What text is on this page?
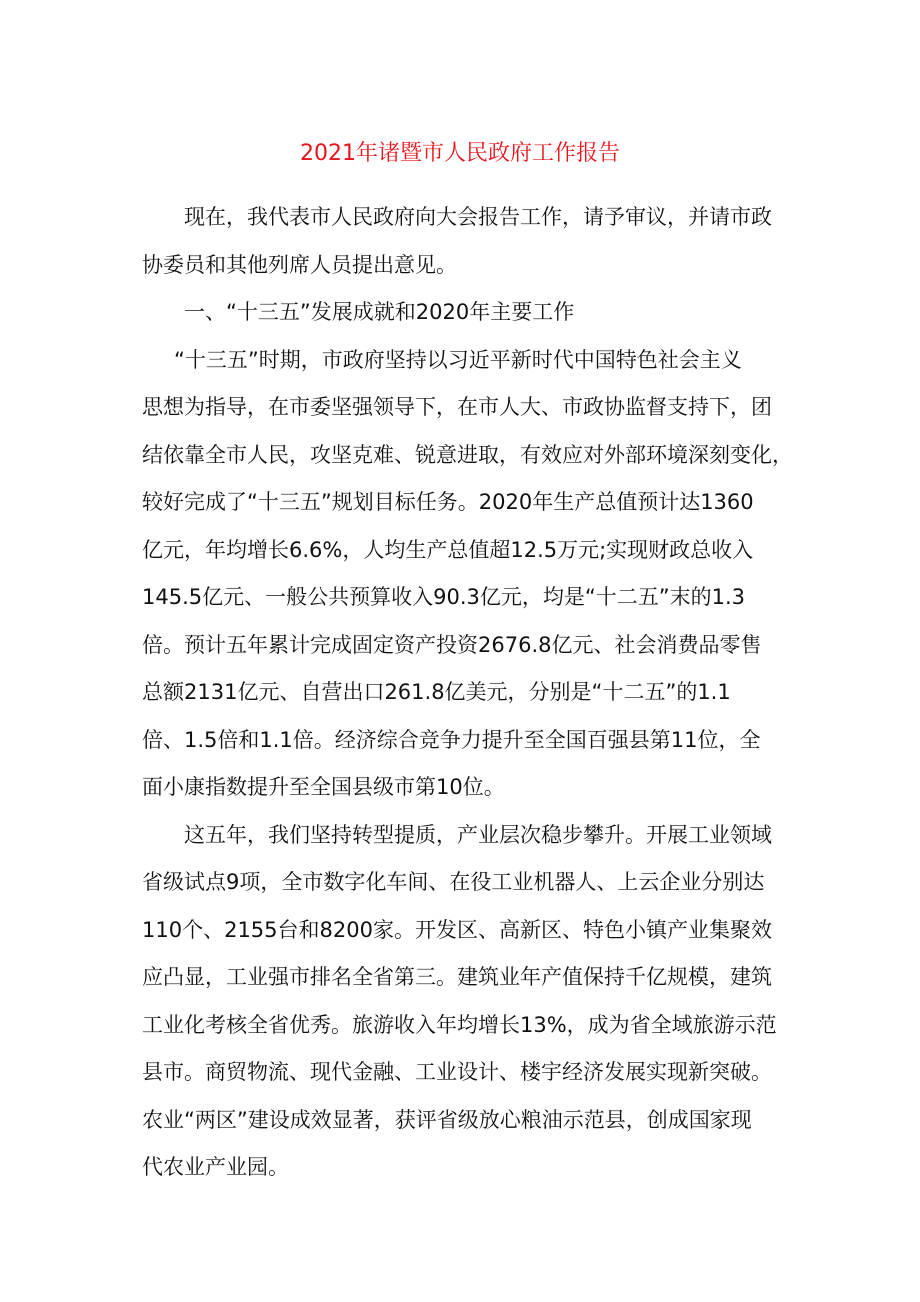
2021年诸暨市人民政府工作报告

现在，我代表市人民政府向大会报告工作，请予审议，并请市政

协委员和其他列席人员提出意见。

一、“十三五”发展成就和2020年主要工作

“十三五”时期，市政府坚持以习近平新时代中国特色社会主义

思想为指导，在市委坚强领导下，在市人大、市政协监督支持下，团

结依靠全市人民，攻坚克难、锐意进取，有效应对外部环境深刻变化，

较好完成了“十三五”规划目标任务。2020年生产总值预计达1360

亿元，年均增长6.6%，人均生产总值超12.5万元;实现财政总收入

145.5亿元、一般公共预算收入90.3亿元，均是“十二五”末的1.3

倍。预计五年累计完成固定资产投资2676.8亿元、社会消费品零售

总额2131亿元、自营出口261.8亿美元，分别是“十二五”的1.1

倍、1.5倍和1.1倍。经济综合竞争力提升至全国百强县第11位，全

面小康指数提升至全国县级市第10位。

这五年，我们坚持转型提质，产业层次稳步攀升。开展工业领域

省级试点9项，全市数字化车间、在役工业机器人、上云企业分别达

110个、2155台和8200家。开发区、高新区、特色小镇产业集聚效

应凸显，工业强市排名全省第三。建筑业年产值保持千亿规模，建筑

工业化考核全省优秀。旅游收入年均增长13%，成为省全域旅游示范

县市。商贸物流、现代金融、工业设计、楼宇经济发展实现新突破。

农业“两区”建设成效显著，获评省级放心粮油示范县，创成国家现

代农业产业园。
